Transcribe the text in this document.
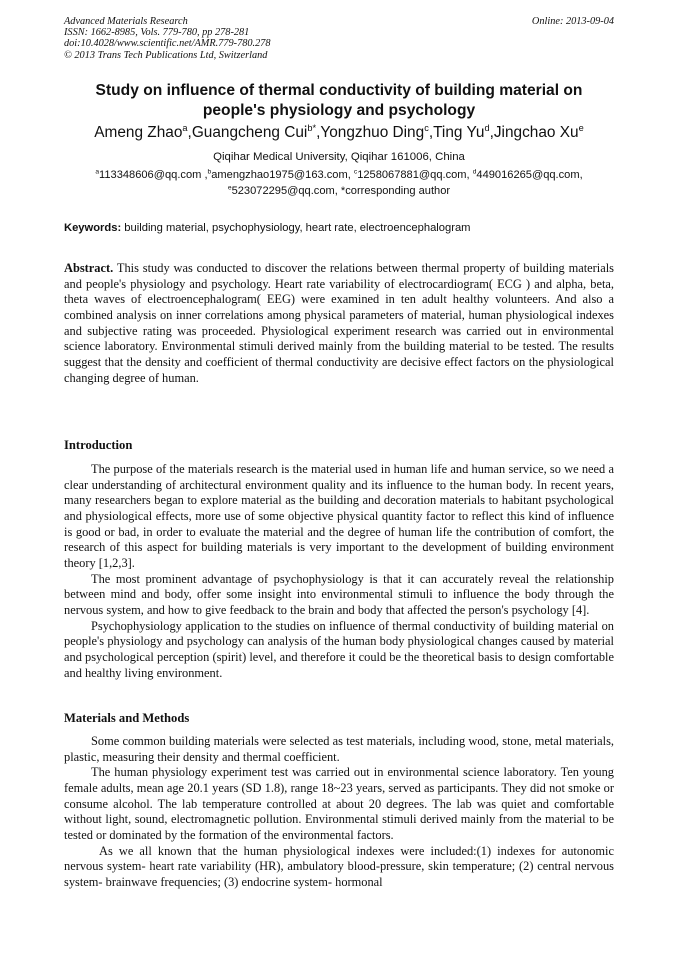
Advanced Materials Research
ISSN: 1662-8985, Vols. 779-780, pp 278-281
doi:10.4028/www.scientific.net/AMR.779-780.278
© 2013 Trans Tech Publications Ltd, Switzerland
Online: 2013-09-04
Study on influence of thermal conductivity of building material on
people's physiology and psychology
Ameng Zhao$^a$,Guangcheng Cui$^{b*}$,Yongzhuo Ding$^c$,Ting Yu$^d$,Jingchao Xu$^e$
Qiqihar Medical University, Qiqihar 161006, China
$^a$113348606@qq.com ,$^b$amengzhao1975@163.com, $^c$1258067881@qq.com, $^d$449016265@qq.com,
$^e$523072295@qq.com, *corresponding author
Keywords: building material, psychophysiology, heart rate, electroencephalogram

Abstract. This study was conducted to discover the relations between thermal property of building materials and people's physiology and psychology. Heart rate variability of electrocardiogram( ECG ) and alpha, beta, theta waves of electroencephalogram( EEG) were examined in ten adult healthy volunteers. And also a combined analysis on inner correlations among physical parameters of material, human physiological indexes and subjective rating was proceeded. Physiological experiment research was carried out in environmental science laboratory. Environmental stimuli derived mainly from the building material to be tested. The results suggest that the density and coefficient of thermal conductivity are decisive effect factors on the physiological changing degree of human.

Introduction

The purpose of the materials research is the material used in human life and human service, so we need a clear understanding of architectural environment quality and its influence to the human body. In recent years, many researchers began to explore material as the building and decoration materials to habitant psychological and physiological effects, more use of some objective physical quantity factor to reflect this kind of influence is good or bad, in order to evaluate the material and the degree of human life the contribution of comfort, the research of this aspect for building materials is very important to the development of building environment theory [1,2,3].

The most prominent advantage of psychophysiology is that it can accurately reveal the relationship between mind and body, offer some insight into environmental stimuli to influence the body through the nervous system, and how to give feedback to the brain and body that affected the person's psychology [4].

Psychophysiology application to the studies on influence of thermal conductivity of building material on people's physiology and psychology can analysis of the human body physiological changes caused by material and psychological perception (spirit) level, and therefore it could be the theoretical basis to design comfortable and healthy living environment.

Materials and Methods

Some common building materials were selected as test materials, including wood, stone, metal materials, plastic, measuring their density and thermal coefficient.

The human physiology experiment test was carried out in environmental science laboratory. Ten young female adults, mean age 20.1 years (SD 1.8), range 18~23 years, served as participants. They did not smoke or consume alcohol. The lab temperature controlled at about 20 degrees. The lab was quiet and comfortable without light, sound, electromagnetic pollution. Environmental stimuli derived mainly from the material to be tested or dominated by the formation of the environmental factors.

As we all known that the human physiological indexes were included:(1) indexes for autonomic nervous system- heart rate variability (HR), ambulatory blood-pressure, skin temperature; (2) central nervous system- brainwave frequencies; (3) endocrine system- hormonal
